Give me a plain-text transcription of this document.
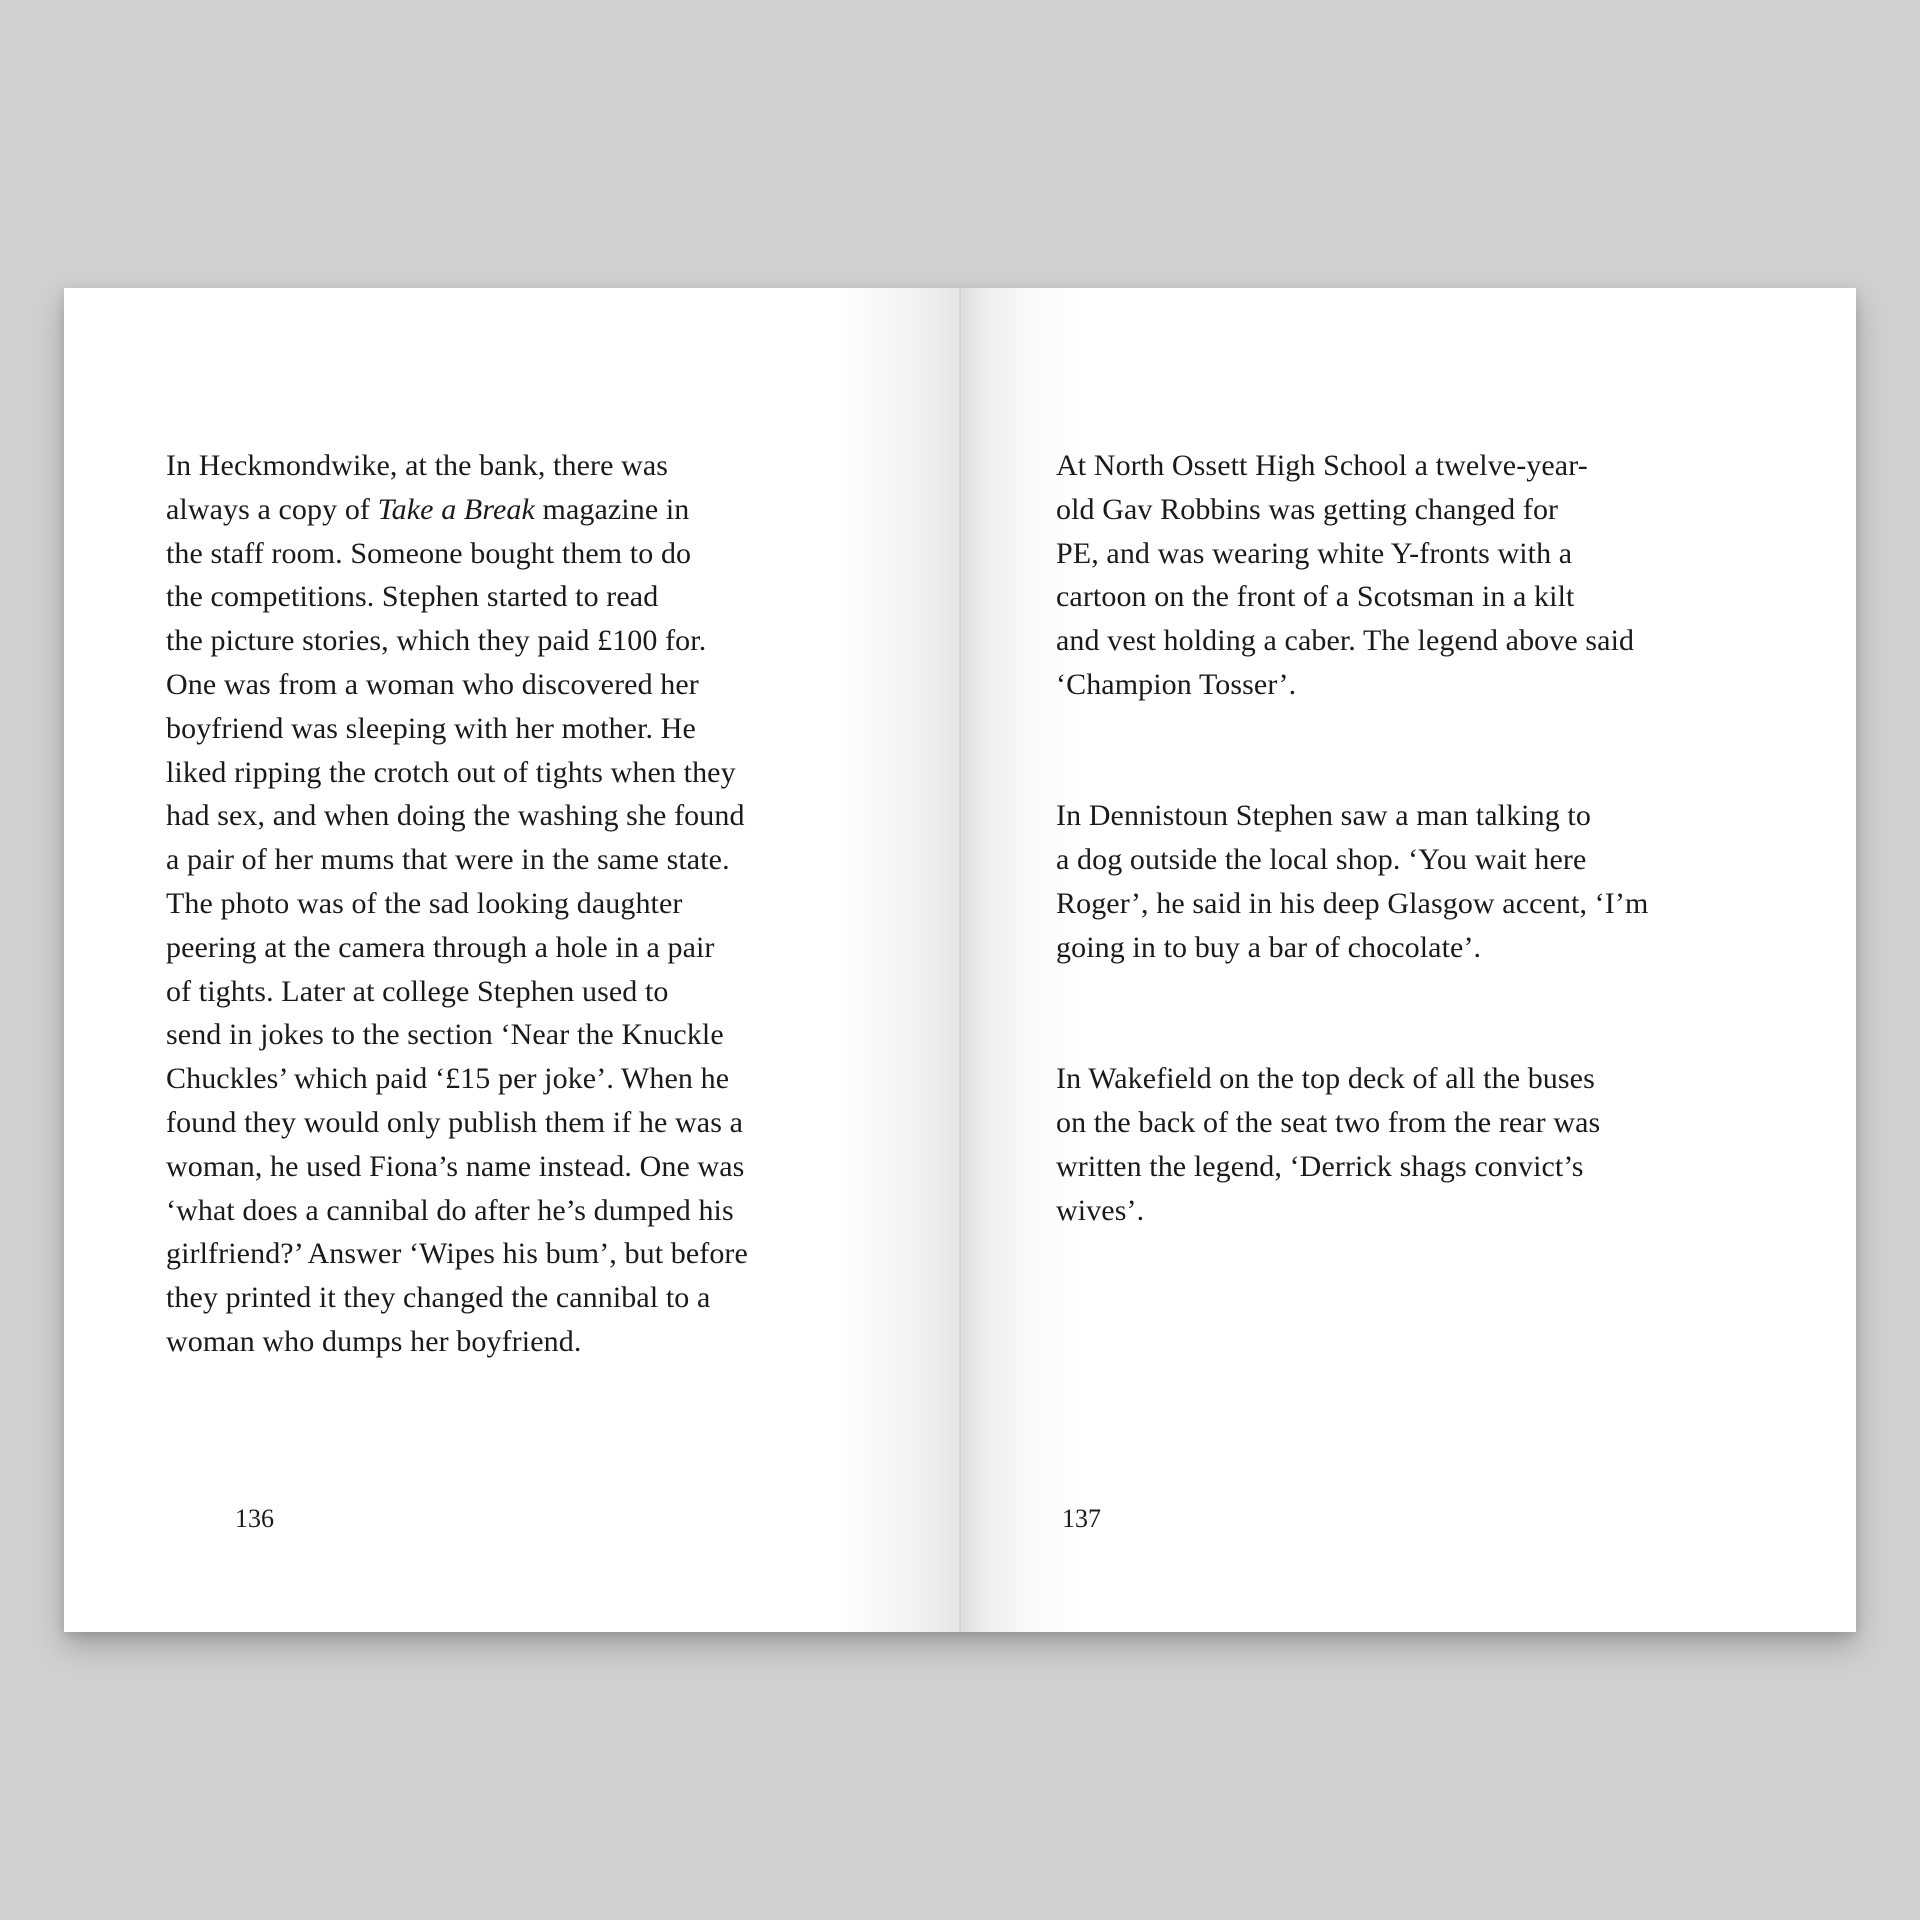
In Heckmondwike, at the bank, there was
always a copy of Take a Break magazine in
the staff room. Someone bought them to do
the competitions. Stephen started to read
the picture stories, which they paid £100 for.
One was from a woman who discovered her
boyfriend was sleeping with her mother. He
liked ripping the crotch out of tights when they
had sex, and when doing the washing she found
a pair of her mums that were in the same state.
The photo was of the sad looking daughter
peering at the camera through a hole in a pair
of tights. Later at college Stephen used to
send in jokes to the section ‘Near the Knuckle
Chuckles’ which paid ‘£15 per joke’. When he
found they would only publish them if he was a
woman, he used Fiona’s name instead. One was
‘what does a cannibal do after he’s dumped his
girlfriend?’ Answer ‘Wipes his bum’, but before
they printed it they changed the cannibal to a
woman who dumps her boyfriend.
136
At North Ossett High School a twelve-year-
old Gav Robbins was getting changed for
PE, and was wearing white Y-fronts with a
cartoon on the front of a Scotsman in a kilt
and vest holding a caber. The legend above said
‘Champion Tosser’.
In Dennistoun Stephen saw a man talking to
a dog outside the local shop. ‘You wait here
Roger’, he said in his deep Glasgow accent, ‘I’m
going in to buy a bar of chocolate’.
In Wakefield on the top deck of all the buses
on the back of the seat two from the rear was
written the legend, ‘Derrick shags convict’s
wives’.
137
